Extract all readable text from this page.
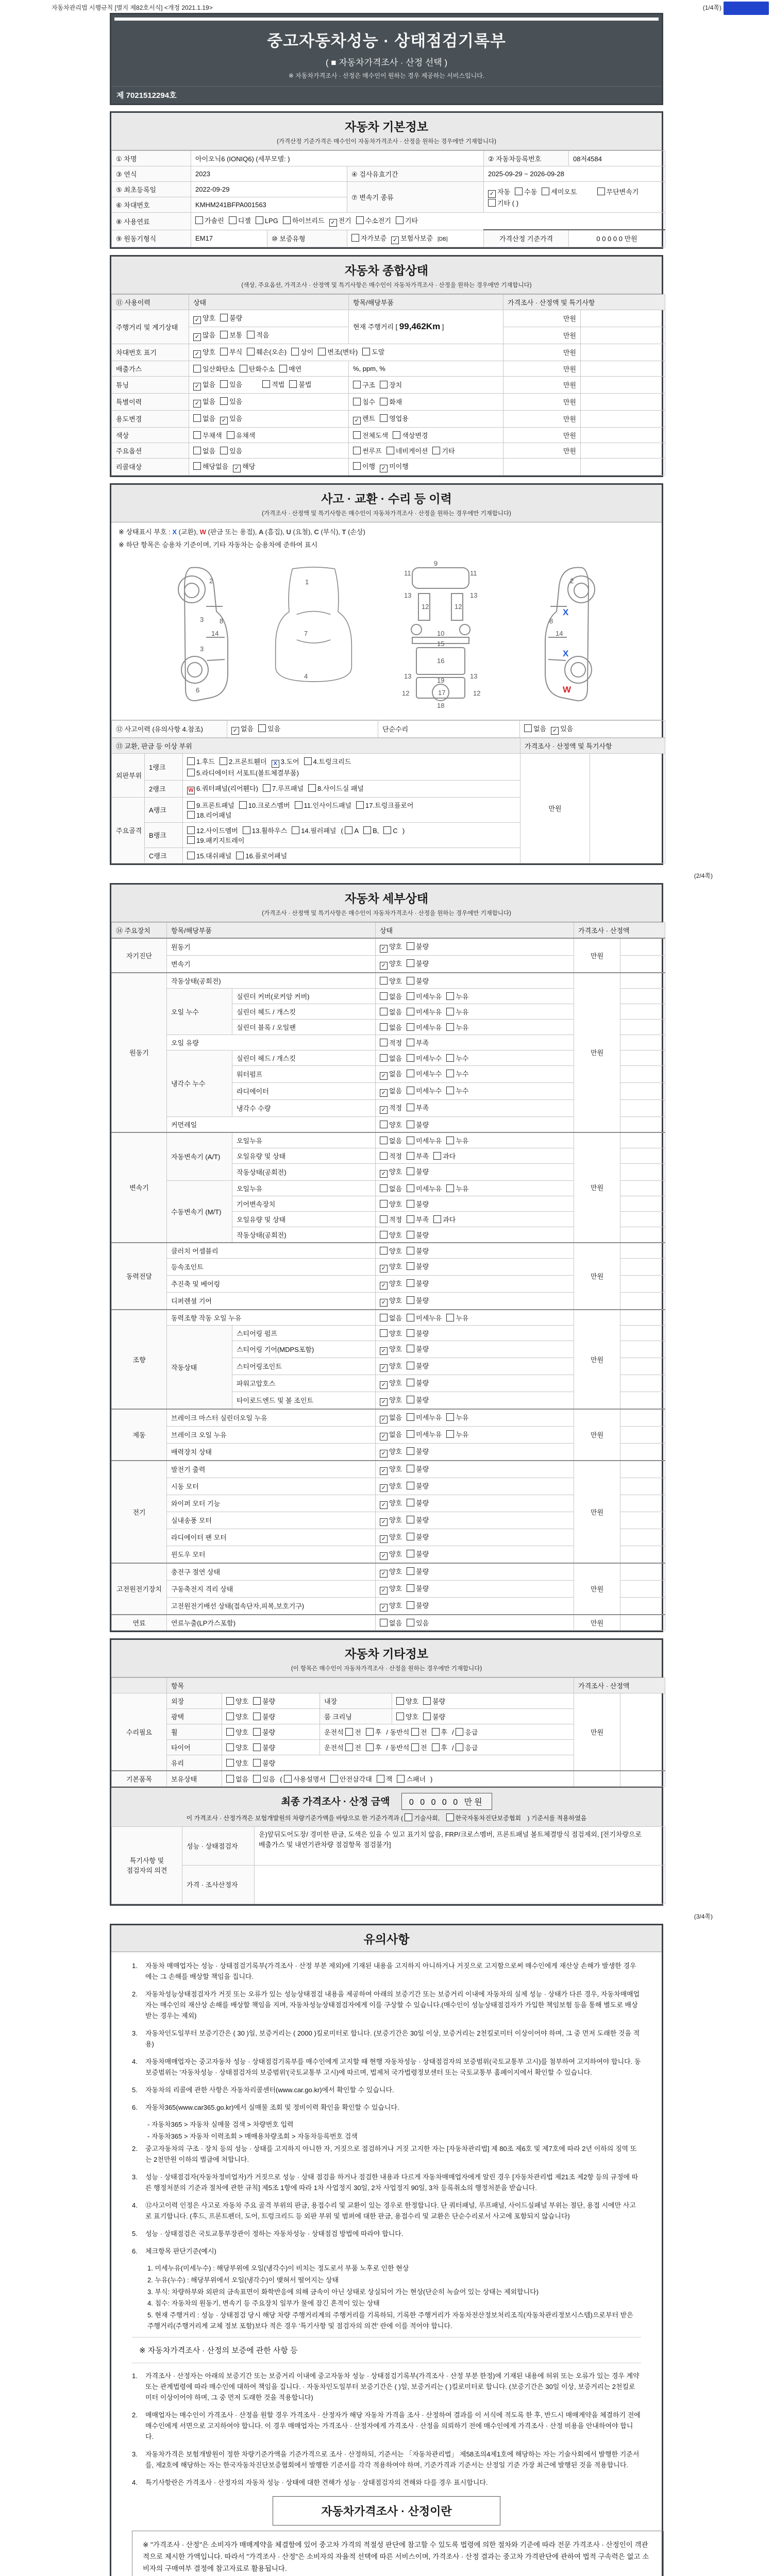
자동차관리법 시행규칙 [별지 제82호서식] <개정 2021.1.19>	(1/4쪽)
중고자동차성능 · 상태점검기록부
( ■ 자동차가격조사 · 산정 선택 )
※ 자동차가격조사 · 산정은 매수인이 원하는 경우 제공하는 서비스입니다.
제 7021512294호
자동차 기본정보
(가격산정 기준가격은 매수인이 자동차가격조사 · 산정을 원하는 경우에만 기재합니다)
① 차명	아이오닉6 (IONIQ6) (세부모델: )			② 자동차등록번호	08저4584
③ 연식	2023		④ 검사유효기간	2025-09-29 ~ 2026-09-28	
⑤ 최초등록일	2022-09-29		⑦ 변속기 종류	✓ 자동 수동 세미오토 무단변속기기타 ( )	
⑥ 차대번호	KMHM241BFPA001563				
⑧ 사용연료	가솔린 디젤 LPG 하이브리드 ✓ 전기 수소전기 기타				
⑨ 원동기형식	EM17	⑩ 보증유형	자가보증 ✓ 보험사보증 [DB]	가격산정 기준가격	0 0 0 0 0 만원
자동차 종합상태
(색상, 주요옵션, 가격조사 · 산정액 및 특기사항은 매수인이 자동차가격조사 · 산정을 원하는 경우에만 기재합니다)
⑪ 사용이력	상태	항목/해당부품	가격조사 · 산정액 및 특기사항	
주행거리 및 계기상태	✓ 양호 불량	현재 주행거리 [ 99,462Km ]	만원	
	✓ 많음 보통 적음		만원	
차대번호 표기	✓ 양호 부식 훼손(오손) 상이 변조(변타) 도말		만원	
배출가스	일산화탄소 탄화수소 매연	%, ppm, %	만원	
튜닝	✓ 없음 있음 적법 불법	구조 장치	만원	
특별이력	✓ 없음 있음	침수 화재	만원	
용도변경	없음 ✓ 있음	✓ 렌트 영업용	만원	
색상	무채색 유채색	전체도색 색상변경	만원	
주요옵션	없음 있음	썬루프 네비게이션 기타	만원	
리콜대상	해당없음 ✓ 해당	이행 ✓ 미이행		
사고 · 교환 · 수리 등 이력
(가격조사 · 산정액 및 특기사항은 매수인이 자동차가격조사 · 산정을 원하는 경우에만 기재합니다)
※ 상태표시 부호 : X (교환), W (판금 또는 용접), A (흠집), U (요철), C (부식), T (손상)
※ 하단 항목은 승용차 기준이며, 기타 자동차는 승용차에 준하여 표시
2
8
3
14
3
6
1
7
4
11	11
9
13	13
12	12
10
15
16
13	13
12	12
19
17
18
2
8
14
X
X
W
⑫ 사고이력 (유의사항 4.참조)	✓ 없음 있음	단순수리	없음 ✓ 있음
⑬ 교환, 판금 등 이상 부위			가격조사 · 산정액 및 특기사항	
외판부위	1랭크	1.후드 2.프론트휀더 X 3.도어 4.트렁크리드
5.라디에이터 서포트(볼트체결부품)	만원	
	2랭크	W 6.쿼터패널(리어휀다) 7.루프패널 8.사이드실 패널		
주요골격	A랭크	9.프론트패널 10.크로스멤버 11.인사이드패널 17.트렁크플로어
18.리어패널		
	B랭크	12.사이드멤버 13.휠하우스 14.필러패널 ( A B, C )
19.패키지트레이		
	C랭크	15.대쉬패널 16.플로어패널		
(2/4쪽)
자동차 세부상태
(가격조사 · 산정액 및 특기사항은 매수인이 자동차가격조사 · 산정을 원하는 경우에만 기재합니다)
⑭ 주요장치	항목/해당부품		상태	가격조사 · 산정액	
자기진단	원동기		✓ 양호 불량	만원	
	변속기		✓ 양호 불량		
원동기	작동상태(공회전)		양호 불량	만원	
	오일 누수	실린더 커버(로커암 커버)	없음 미세누유 누유		
		실린더 헤드 / 개스킷	없음 미세누유 누유		
		실린더 블록 / 오일팬	없음 미세누유 누유		
	오일 유량		적정 부족		
	냉각수 누수	실린더 헤드 / 개스킷	없음 미세누수 누수		
		워터펌프	✓ 없음 미세누수 누수		
		라디에이터	✓ 없음 미세누수 누수		
		냉각수 수량	✓ 적정 부족		
	커먼레일		양호 불량		
변속기	자동변속기 (A/T)	오일누유	없음 미세누유 누유	만원	
		오일유량 및 상태	적정 부족 과다		
		작동상태(공회전)	✓ 양호 불량		
	수동변속기 (M/T)	오일누유	없음 미세누유 누유		
		기어변속장치	양호 불량		
		오일유량 및 상태	적정 부족 과다		
		작동상태(공회전)	양호 불량		
동력전달	클러치 어셈블리		양호 불량	만원	
	등속조인트		✓ 양호 불량		
	추진축 및 베어링		✓ 양호 불량		
	디퍼렌셜 기어		✓ 양호 불량		
조향	동력조향 작동 오일 누유		없음 미세누유 누유	만원	
	작동상태	스티어링 펌프	양호 불량		
		스티어링 기어(MDPS포함)	✓ 양호 불량		
		스티어링조인트	✓ 양호 불량		
		파워고압호스	✓ 양호 불량		
		타이로드엔드 및 볼 조인트	✓ 양호 불량		
제동	브레이크 마스터 실린더오일 누유		✓ 없음 미세누유 누유	만원	
	브레이크 오일 누유		✓ 없음 미세누유 누유		
	배력장치 상태		✓ 양호 불량		
전기	발전기 출력		✓ 양호 불량	만원	
	시동 모터		✓ 양호 불량		
	와이퍼 모터 기능		✓ 양호 불량		
	실내송풍 모터		✓ 양호 불량		
	라디에이터 팬 모터		✓ 양호 불량		
	윈도우 모터		✓ 양호 불량		
고전원전기장치	충전구 절연 상태		✓ 양호 불량	만원	
	구동축전지 격리 상태		✓ 양호 불량		
	고전원전기배선 상태(접속단자,피복,보호기구)		✓ 양호 불량		
연료	연료누출(LP가스포함)		없음 있음	만원	
자동차 기타정보
(이 항목은 매수인이 자동차가격조사 · 산정을 원하는 경우에만 기재합니다)
	항목				가격조사 · 산정액	
수리필요	외장	양호 불량	내장	양호 불량	만원	
	광택	양호 불량	룸 크리닝	양호 불량		
	휠	양호 불량	운전석 전 후 / 동반석 전 후 / 응급			
	타이어	양호 불량	운전석 전 후 / 동반석 전 후 / 응급			
	유리	양호 불량				
기본품목	보유상태	없음 있음 ( 사용설명서 안전삼각대 잭 스패너 )				
최종 가격조사 · 산정 금액 0 0 0 0 0 만원
이 가격조사 · 산정가격은 보험개발원의 차량기준가액을 바탕으로 한 기준가격과 ( 기술사회,	한국자동차진단보증협회 ) 기준서를 적용하였음
특기사항 및 점검자의 의견	성능 · 상태점검자	운)앞뒤도어도장/ 경미한 판금, 도색은 있을 수 있고 표기치 않음, FRP/크로스멤버, 프론트패널 볼트체결방식 점검제외, [전기차량으로 배출가스 및 내연기관차량 점검항목 점검불가]
	가격 · 조사산정자	
(3/4쪽)
유의사항
1.	자동차 매매업자는 성능 · 상태점검기록부(가격조사 · 산정 부분 제외)에 기재된 내용을 고지하지 아니하거나 거짓으로 고지함으로써 매수인에게 재산상 손해가 발생한 경우에는 그 손해를 배상할 책임을 집니다.
2.	자동차성능상태점검자가 거짓 또는 오류가 있는 성능상태점검 내용을 제공하여 아래의 보증기간 또는 보증거리 이내에 자동차의 실제 성능 · 상태가 다른 경우, 자동차매매업자는 매수인의 재산상 손해를 배상할 책임을 지며, 자동차성능상태점검자에게 이를 구상할 수 있습니다.(매수인이 성능상태점검자가 가입한 책임보험 등을 통해 별도로 배상받는 경우는 제외)
3.	자동차인도일부터 보증기간은 ( 30 )일, 보증거리는 ( 2000 )킬로미터로 합니다. (보증기간은 30일 이상, 보증거리는 2천킬로미터 이상이어야 하며, 그 중 먼저 도래한 것을 적용)
4.	자동차매매업자는 중고자동차 성능 · 상태점검기록부를 매수인에게 고지할 때 현행 자동차성능 · 상태점검자의 보증범위(국토교통부 고시)를 첨부하여 고지하여야 합니다. 동 보증범위는 '자동차성능 · 상태점검자의 보증범위'(국토교통부 고시)에 따르며, 법제처 국가법령정보센터 또는 국토교통부 홈페이지에서 확인할 수 있습니다.
5.	자동차의 리콜에 관한 사항은 자동차리콜센터(www.car.go.kr)에서 확인할 수 있습니다.
6.	자동차365(www.car365.go.kr)에서 실매물 조회 및 정비이력 확인을 확인할 수 있습니다.
- 자동차365 > 자동차 실매물 검색 > 차량번호 입력
- 자동차365 > 자동차 이력조회 > 매매용차량조회 > 자동차등록번호 검색
2.	중고자동차의 구조 · 장치 등의 성능 · 상태를 고지하지 아니한 자, 거짓으로 점검하거나 거짓 고지한 자는 [자동차관리법] 제 80조 제6호 및 제7호에 따라 2년 이하의 징역 또는 2천만원 이하의 벌금에 처합니다.
3.	성능 · 상태점검자(자동차정비업자)가 거짓으로 성능 · 상태 점검을 하거나 점검한 내용과 다르게 자동차매매업자에게 알린 경우 [자동차관리법 제21조 제2항 등의 규정에 따른 행정처분의 기준과 절차에 관한 규칙] 제5조 1항에 따라 1차 사업정지 30일, 2차 사업정지 90일, 3차 등록취소의 행정처분을 받습니다.
4.	⑫사고이력 인정은 사고로 자동차 주요 골격 부위의 판금, 용접수리 및 교환이 있는 경우로 한정합니다. 단 쿼터패널, 루프패널, 사이드실패널 부위는 절단, 용접 시에만 사고로 표기합니다. (후드, 프론트펜더, 도어, 트렁크리드 등 외판 부위 및 범퍼에 대한 판금, 용접수리 및 교환은 단순수리로서 사고에 포함되지 않습니다)
5.	성능 · 상태점검은 국토교통부장관이 정하는 자동차성능 · 상태점검 방법에 따라야 합니다.
6.	체크항목 판단기준(예시)
1. 미세누유(미세누수) : 해당부위에 오일(냉각수)이 비치는 정도로서 부품 노후로 인한 현상
2. 누유(누수) : 해당부위에서 오일(냉각수)이 맺혀서 떨어지는 상태
3. 부식: 차량하부와 외판의 금속표면이 화학반응에 의해 금속이 아닌 상태로 상실되어 가는 현상(단순히 녹슬어 있는 상태는 제외합니다)
4. 침수: 자동차의 원동기, 변속기 등 주요장치 일부가 물에 잠긴 흔적이 있는 상태
5. 현재 주행거리 : 성능 · 상태점검 당시 해당 차량 주행거리계의 주행거리를 기록하되, 기록한 주행거리가 자동차전산정보처리조직(자동차관리정보시스템)으로부터 받은 주행거리(주행거리계 교체 정보 포함)보다 적은 경우 '특기사항 및 점검자의 의견' 란에 이를 적어야 합니다.
※ 자동차가격조사 · 산정의 보증에 관한 사항 등
1.	가격조사 · 산정자는 아래의 보증기간 또는 보증거리 이내에 중고자동차 성능 · 상태점검기록부(가격조사 · 산정 부분 한정)에 기재된 내용에 허위 또는 오류가 있는 경우 계약 또는 관계법령에 따라 매수인에 대하여 책임을 집니다. · 자동차인도일부터 보증기간은 ( )일, 보증거리는 ( )킬로미터로 합니다. (보증기간은 30일 이상, 보증거리는 2천킬로미터 이상이어야 하며, 그 중 먼저 도래한 것을 적용합니다)
2.	매매업자는 매수인이 가격조사 · 산정을 원할 경우 가격조사 · 산정자가 해당 자동차 가격을 조사 · 산정하여 결과를 이 서식에 적도록 한 후, 반드시 매매계약을 체결하기 전에 매수인에게 서면으로 고지하여야 합니다. 이 경우 매매업자는 가격조사 · 산정자에게 가격조사 · 산정을 의뢰하기 전에 매수인에게 가격조사 · 산정 비용을 안내하여야 합니다.
3.	자동차가격은 보험개발원이 정한 차량기준가액을 기준가격으로 조사 · 산정하되, 기준서는 「자동차관리법」 제58조의4제1호에 해당하는 자는 기술사회에서 발행한 기준서를, 제2호에 해당하는 자는 한국자동차진단보증협회에서 발행한 기준서를 각각 적용하여야 하며, 기준가격과 기준서는 산정일 기준 가장 최근에 발행된 것을 적용합니다.
4.	특기사항란은 가격조사 · 산정자의 자동차 성능 · 상태에 대한 견해가 성능 · 상태점검자의 견해와 다를 경우 표시합니다.
자동차가격조사 · 산정이란
※ "가격조사 · 산정"은 소비자가 매매계약을 체결함에 있어 중고차 가격의 적절성 판단에 참고할 수 있도록 법령에 의한 절차와 기준에 따라 전문 가격조사 · 산정인이 객관적으로 제시한 가액입니다. 따라서 "가격조사 · 산정"은 소비자의 자율적 선택에 따른 서비스이며, 가격조사 · 산정 결과는 중고차 가격판단에 관하여 법적 구속력은 없고 소비자의 구매여부 결정에 참고자료로 활용됩니다.
